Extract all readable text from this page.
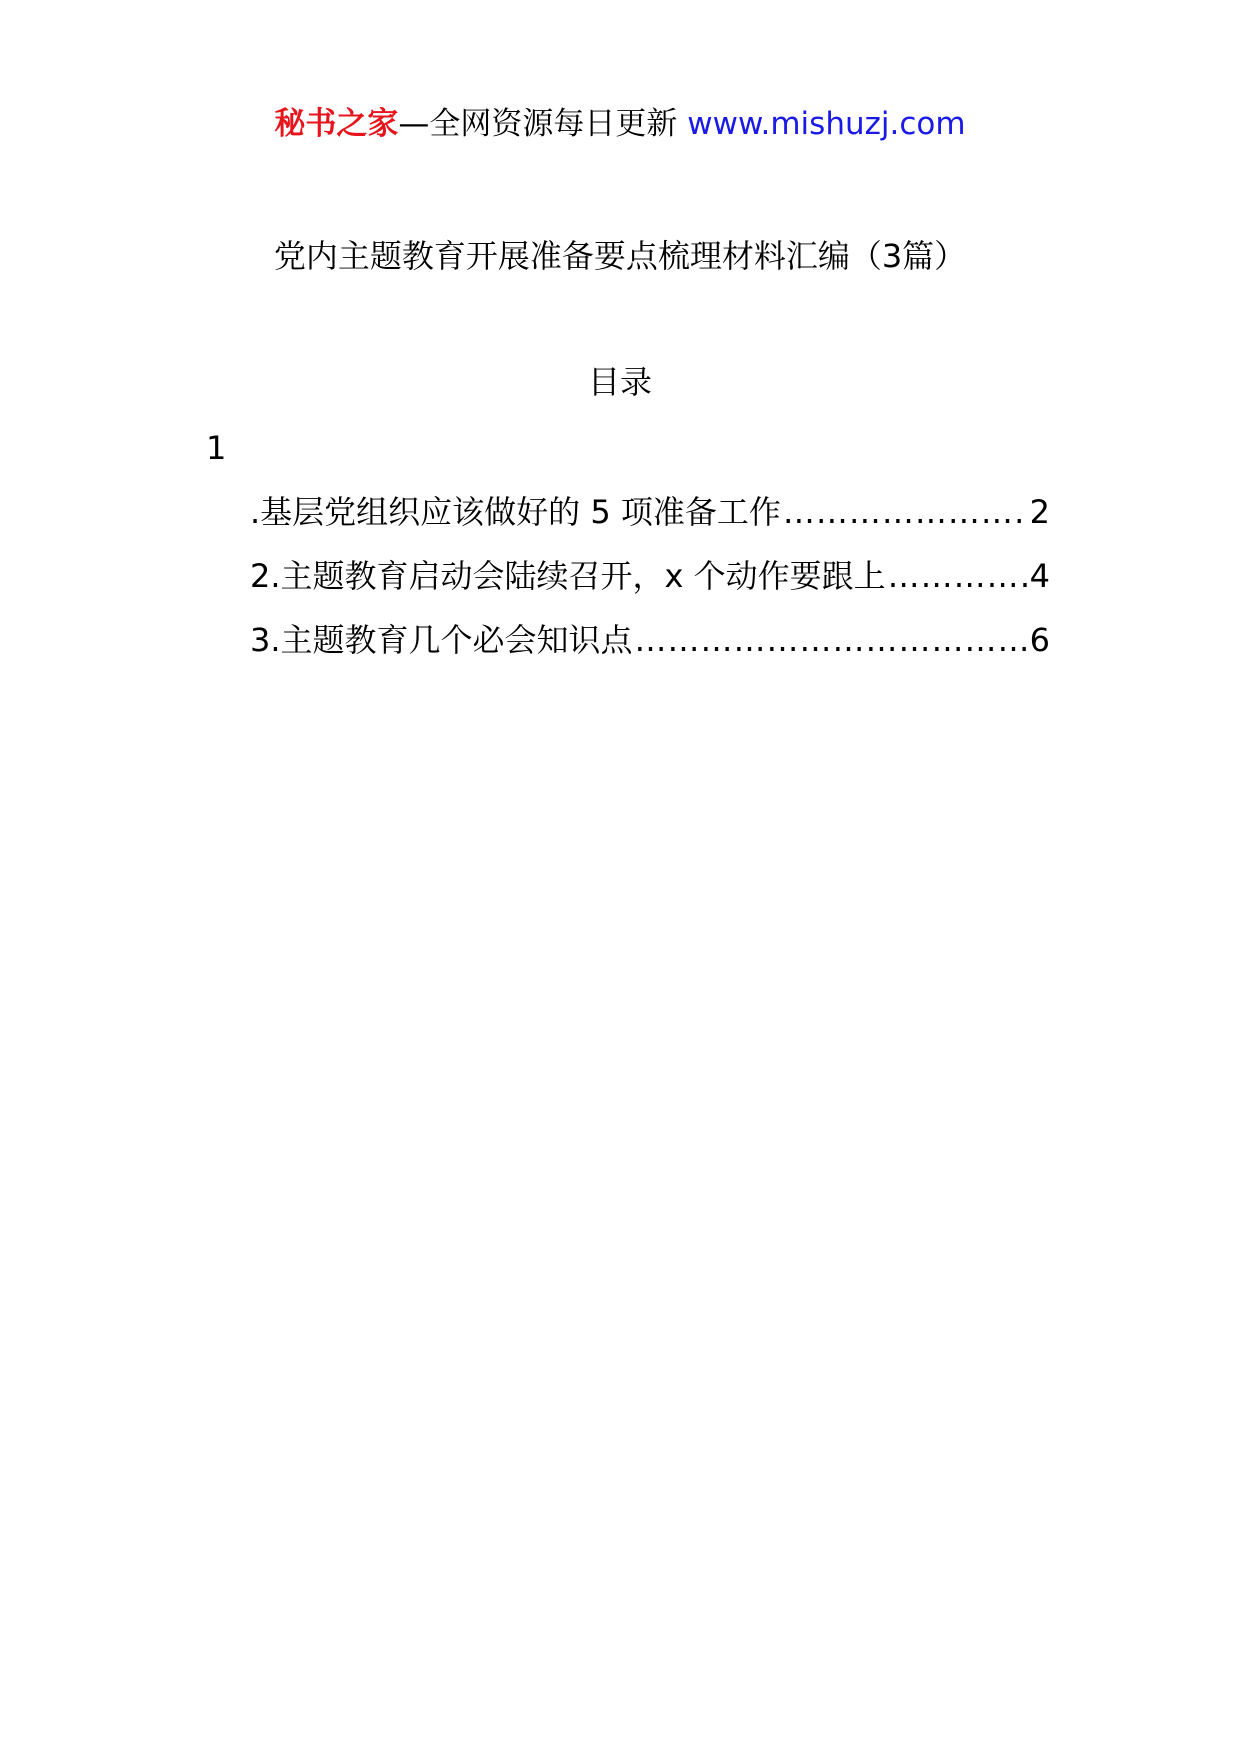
秘书之家—全网资源每日更新 www.mishuzj.com
党内主题教育开展准备要点梳理材料汇编（3篇）
目录
1
.基层党组织应该做好的 5 项准备工作 …………………………………………………………………………………………………………	2
2.主题教育启动会陆续召开，x 个动作要跟上 …………………………………………………………………………………………………………	4
3.主题教育几个必会知识点 …………………………………………………………………………………………………………	6
